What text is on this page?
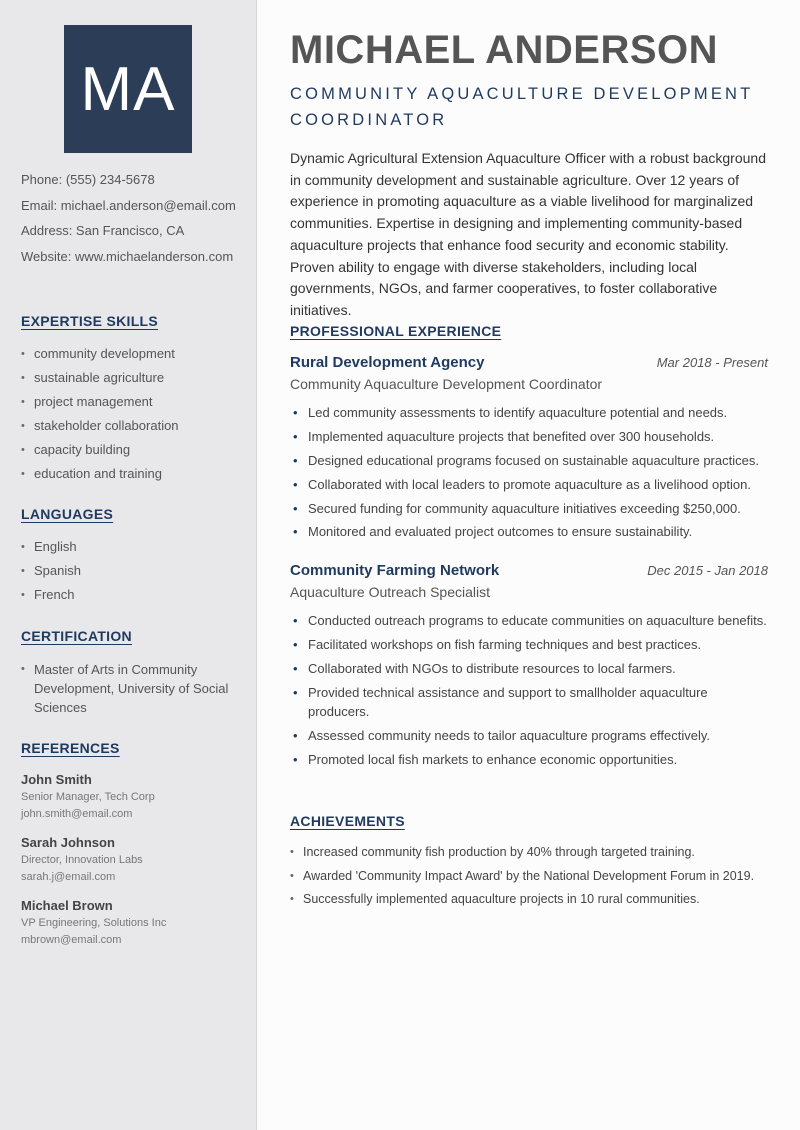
MA
Phone: (555) 234-5678
Email: michael.anderson@email.com
Address: San Francisco, CA
Website: www.michaelanderson.com
EXPERTISE SKILLS
• community development
• sustainable agriculture
• project management
• stakeholder collaboration
• capacity building
• education and training
LANGUAGES
• English
• Spanish
• French
CERTIFICATION
• Master of Arts in Community Development, University of Social Sciences
REFERENCES
John Smith
Senior Manager, Tech Corp
john.smith@email.com
Sarah Johnson
Director, Innovation Labs
sarah.j@email.com
Michael Brown
VP Engineering, Solutions Inc
mbrown@email.com
MICHAEL ANDERSON
COMMUNITY AQUACULTURE DEVELOPMENT COORDINATOR
Dynamic Agricultural Extension Aquaculture Officer with a robust background in community development and sustainable agriculture. Over 12 years of experience in promoting aquaculture as a viable livelihood for marginalized communities. Expertise in designing and implementing community-based aquaculture projects that enhance food security and economic stability. Proven ability to engage with diverse stakeholders, including local governments, NGOs, and farmer cooperatives, to foster collaborative initiatives.
PROFESSIONAL EXPERIENCE
Rural Development Agency	Mar 2018 - Present
Community Aquaculture Development Coordinator
• Led community assessments to identify aquaculture potential and needs.
• Implemented aquaculture projects that benefited over 300 households.
• Designed educational programs focused on sustainable aquaculture practices.
• Collaborated with local leaders to promote aquaculture as a livelihood option.
• Secured funding for community aquaculture initiatives exceeding $250,000.
• Monitored and evaluated project outcomes to ensure sustainability.
Community Farming Network	Dec 2015 - Jan 2018
Aquaculture Outreach Specialist
• Conducted outreach programs to educate communities on aquaculture benefits.
• Facilitated workshops on fish farming techniques and best practices.
• Collaborated with NGOs to distribute resources to local farmers.
• Provided technical assistance and support to smallholder aquaculture producers.
• Assessed community needs to tailor aquaculture programs effectively.
• Promoted local fish markets to enhance economic opportunities.
ACHIEVEMENTS
• Increased community fish production by 40% through targeted training.
• Awarded 'Community Impact Award' by the National Development Forum in 2019.
• Successfully implemented aquaculture projects in 10 rural communities.
